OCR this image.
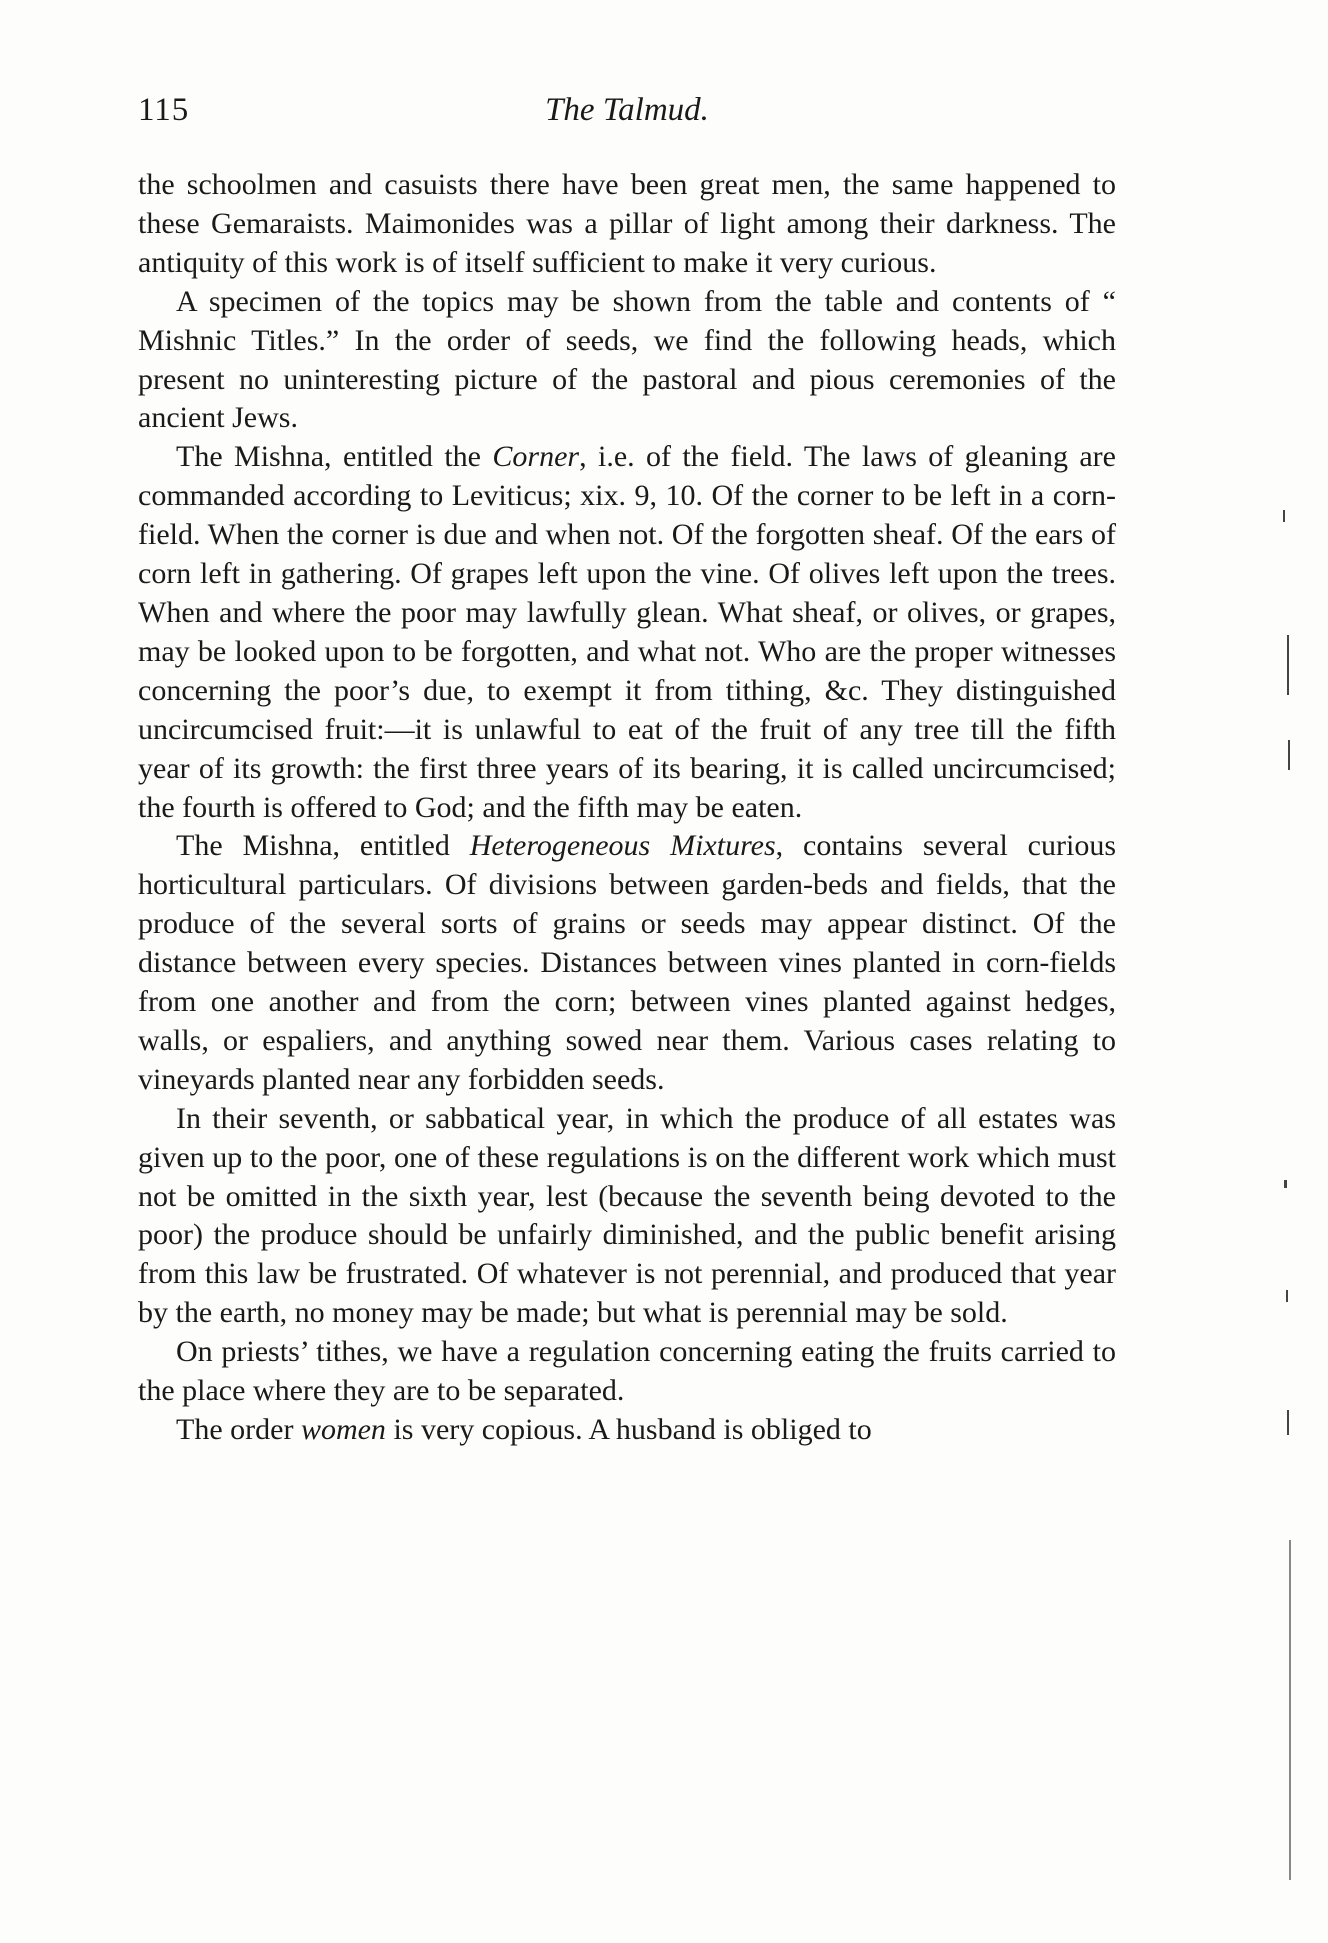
115	The Talmud.

the schoolmen and casuists there have been great men, the same happened to these Gemaraists. Maimonides was a pillar of light among their darkness. The antiquity of this work is of itself sufficient to make it very curious.

A specimen of the topics may be shown from the table and contents of “ Mishnic Titles.” In the order of seeds, we find the following heads, which present no uninteresting picture of the pastoral and pious ceremonies of the ancient Jews.

The Mishna, entitled the Corner, i.e. of the field. The laws of gleaning are commanded according to Leviticus; xix. 9, 10. Of the corner to be left in a corn-field. When the corner is due and when not. Of the forgotten sheaf. Of the ears of corn left in gathering. Of grapes left upon the vine. Of olives left upon the trees. When and where the poor may lawfully glean. What sheaf, or olives, or grapes, may be looked upon to be forgotten, and what not. Who are the proper witnesses concerning the poor’s due, to exempt it from tithing, &c. They distinguished uncircumcised fruit:—it is unlawful to eat of the fruit of any tree till the fifth year of its growth: the first three years of its bearing, it is called uncircumcised; the fourth is offered to God; and the fifth may be eaten.

The Mishna, entitled Heterogeneous Mixtures, contains several curious horticultural particulars. Of divisions between garden-beds and fields, that the produce of the several sorts of grains or seeds may appear distinct. Of the distance between every species. Distances between vines planted in corn-fields from one another and from the corn; between vines planted against hedges, walls, or espaliers, and anything sowed near them. Various cases relating to vineyards planted near any forbidden seeds.

In their seventh, or sabbatical year, in which the produce of all estates was given up to the poor, one of these regulations is on the different work which must not be omitted in the sixth year, lest (because the seventh being devoted to the poor) the produce should be unfairly diminished, and the public benefit arising from this law be frustrated. Of whatever is not perennial, and produced that year by the earth, no money may be made; but what is perennial may be sold.

On priests’ tithes, we have a regulation concerning eating the fruits carried to the place where they are to be separated.

The order women is very copious. A husband is obliged to
